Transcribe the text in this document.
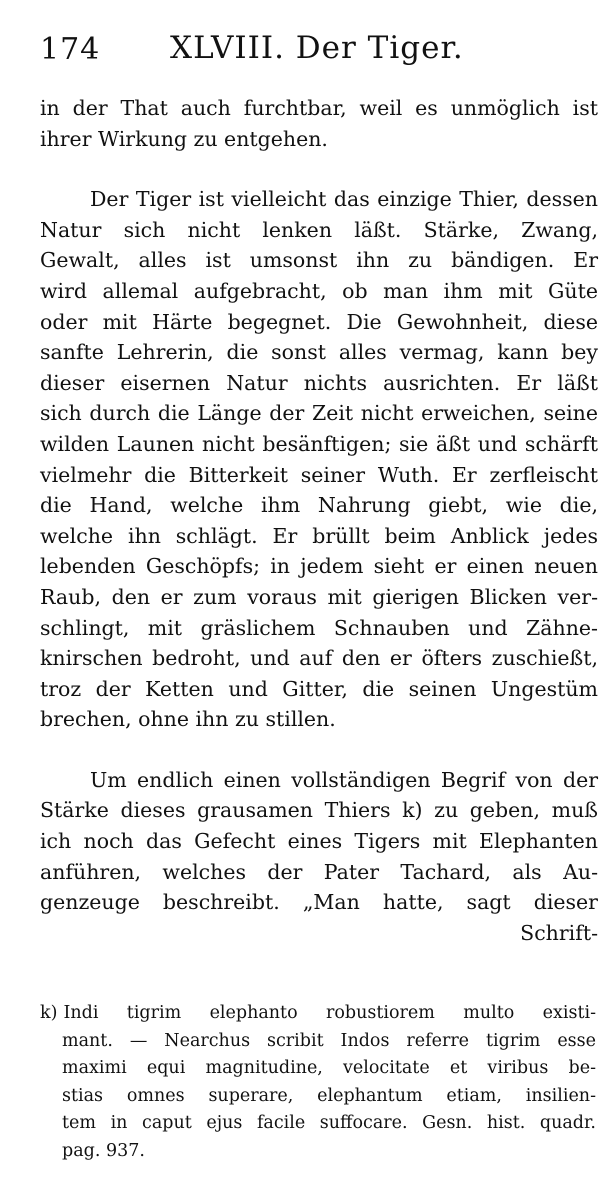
174 XLVIII. Der Tiger.
in der That auch furchtbar, weil es unmöglich ist
ihrer Wirkung zu entgehen.
Der Tiger ist vielleicht das einzige Thier, dessen
Natur sich nicht lenken läßt. Stärke, Zwang,
Gewalt, alles ist umsonst ihn zu bändigen. Er
wird allemal aufgebracht, ob man ihm mit Güte
oder mit Härte begegnet. Die Gewohnheit, diese
sanfte Lehrerin, die sonst alles vermag, kann bey
dieser eisernen Natur nichts ausrichten. Er läßt
sich durch die Länge der Zeit nicht erweichen, seine
wilden Launen nicht besänftigen; sie äßt und schärft
vielmehr die Bitterkeit seiner Wuth. Er zerfleischt
die Hand, welche ihm Nahrung giebt, wie die,
welche ihn schlägt. Er brüllt beim Anblick jedes
lebenden Geschöpfs; in jedem sieht er einen neuen
Raub, den er zum voraus mit gierigen Blicken ver-
schlingt, mit gräslichem Schnauben und Zähne-
knirschen bedroht, und auf den er öfters zuschießt,
troz der Ketten und Gitter, die seinen Ungestüm
brechen, ohne ihn zu stillen.
Um endlich einen vollständigen Begrif von der
Stärke dieses grausamen Thiers k) zu geben, muß
ich noch das Gefecht eines Tigers mit Elephanten
anführen, welches der Pater Tachard, als Au-
genzeuge beschreibt. „Man hatte, sagt dieser
Schrift-
k) Indi tigrim elephanto robustiorem multo existi-
mant. — Nearchus scribit Indos referre tigrim esse
maximi equi magnitudine, velocitate et viribus be-
stias omnes superare, elephantum etiam, insilien-
tem in caput ejus facile suffocare. Gesn. hist. quadr.
pag. 937.
